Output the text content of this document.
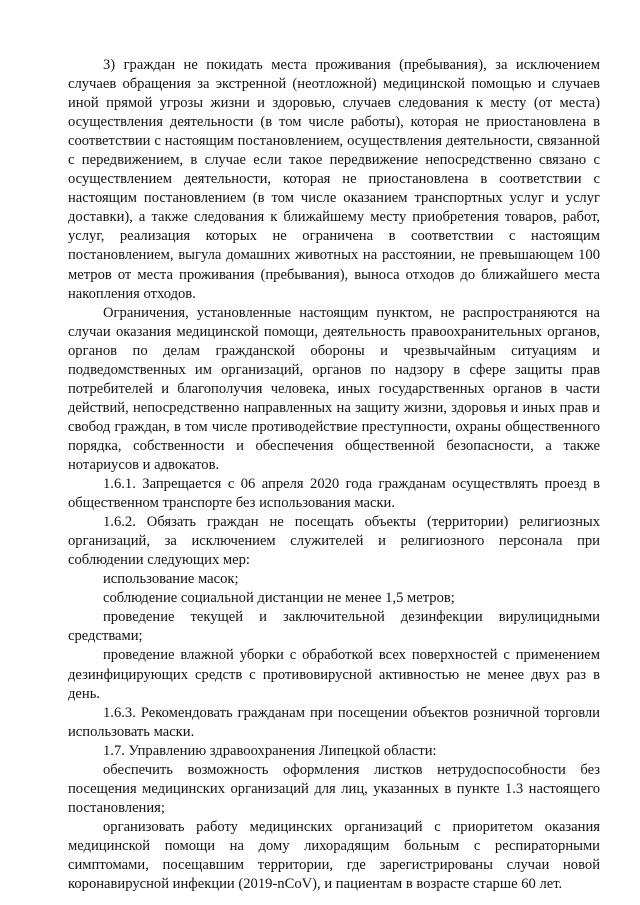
3) граждан не покидать места проживания (пребывания), за исключением случаев обращения за экстренной (неотложной) медицинской помощью и случаев иной прямой угрозы жизни и здоровью, случаев следования к месту (от места) осуществления деятельности (в том числе работы), которая не приостановлена в соответствии с настоящим постановлением, осуществления деятельности, связанной с передвижением, в случае если такое передвижение непосредственно связано с осуществлением деятельности, которая не приостановлена в соответствии с настоящим постановлением (в том числе оказанием транспортных услуг и услуг доставки), а также следования к ближайшему месту приобретения товаров, работ, услуг, реализация которых не ограничена в соответствии с настоящим постановлением, выгула домашних животных на расстоянии, не превышающем 100 метров от места проживания (пребывания), выноса отходов до ближайшего места накопления отходов.

Ограничения, установленные настоящим пунктом, не распространяются на случаи оказания медицинской помощи, деятельность правоохранительных органов, органов по делам гражданской обороны и чрезвычайным ситуациям и подведомственных им организаций, органов по надзору в сфере защиты прав потребителей и благополучия человека, иных государственных органов в части действий, непосредственно направленных на защиту жизни, здоровья и иных прав и свобод граждан, в том числе противодействие преступности, охраны общественного порядка, собственности и обеспечения общественной безопасности, а также нотариусов и адвокатов.

1.6.1. Запрещается с 06 апреля 2020 года гражданам осуществлять проезд в общественном транспорте без использования маски.

1.6.2. Обязать граждан не посещать объекты (территории) религиозных организаций, за исключением служителей и религиозного персонала при соблюдении следующих мер:

использование масок;

соблюдение социальной дистанции не менее 1,5 метров;

проведение текущей и заключительной дезинфекции вирулицидными средствами;

проведение влажной уборки с обработкой всех поверхностей с применением дезинфицирующих средств с противовирусной активностью не менее двух раз в день.

1.6.3. Рекомендовать гражданам при посещении объектов розничной торговли использовать маски.

1.7. Управлению здравоохранения Липецкой области:

обеспечить возможность оформления листков нетрудоспособности без посещения медицинских организаций для лиц, указанных в пункте 1.3 настоящего постановления;

организовать работу медицинских организаций с приоритетом оказания медицинской помощи на дому лихорадящим больным с респираторными симптомами, посещавшим территории, где зарегистрированы случаи новой коронавирусной инфекции (2019-nCoV), и пациентам в возрасте старше 60 лет.
